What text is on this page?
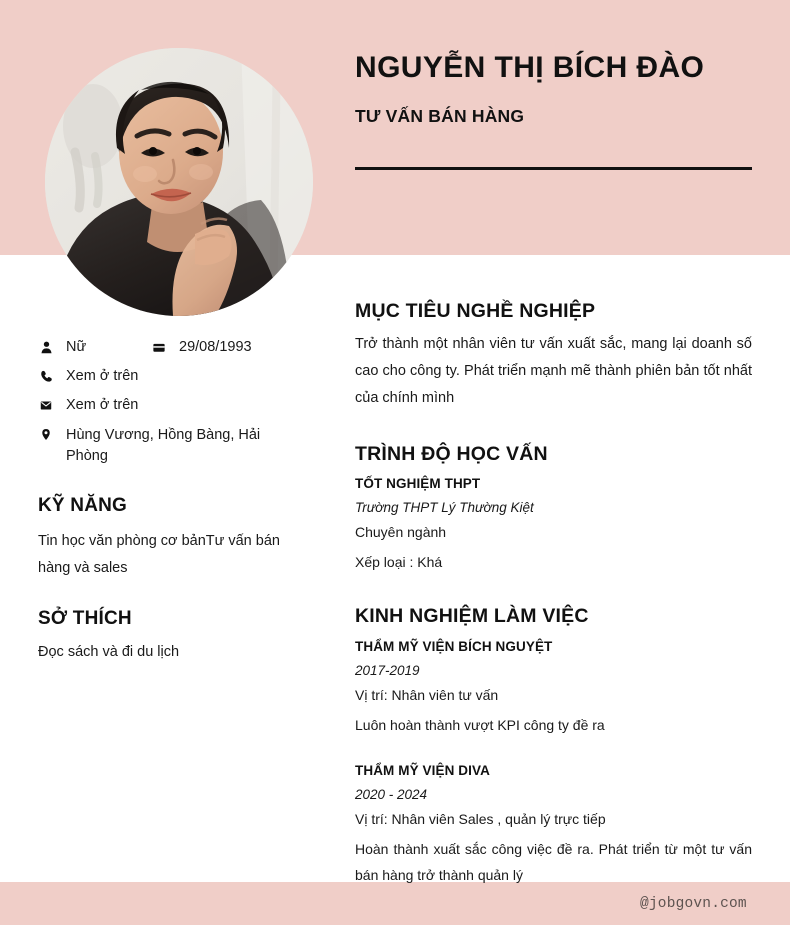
NGUYỄN THỊ BÍCH ĐÀO
TƯ VẤN BÁN HÀNG
Nữ	29/08/1993
Xem ở trên
Xem ở trên
Hùng Vương, Hồng Bàng, Hải Phòng
KỸ NĂNG

Tin học văn phòng cơ bảnTư vấn bán hàng và sales

SỞ THÍCH

Đọc sách và đi du lịch

MỤC TIÊU NGHỀ NGHIỆP

Trở thành một nhân viên tư vấn xuất sắc, mang lại doanh số cao cho công ty. Phát triển mạnh mẽ thành phiên bản tốt nhất của chính mình

TRÌNH ĐỘ HỌC VẤN
TỐT NGHIỆM THPT
Trường THPT Lý Thường Kiệt
Chuyên ngành
Xếp loại : Khá
KINH NGHIỆM LÀM VIỆC
THẨM MỸ VIỆN BÍCH NGUYỆT
2017-2019
Vị trí: Nhân viên tư vấn
Luôn hoàn thành vượt KPI công ty đề ra
THẨM MỸ VIỆN DIVA
2020 - 2024
Vị trí: Nhân viên Sales , quản lý trực tiếp
Hoàn thành xuất sắc công việc đề ra. Phát triển từ một tư vấn bán hàng trở thành quản lý
@jobgovn.com
